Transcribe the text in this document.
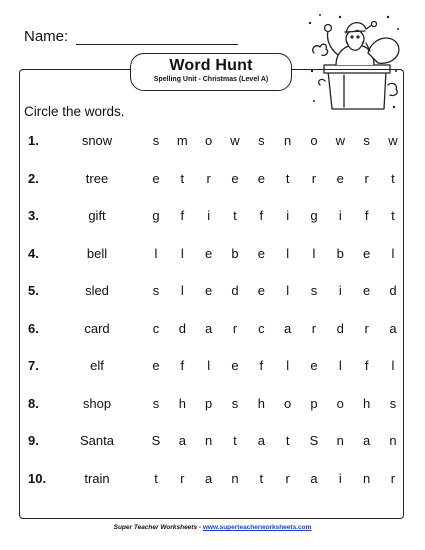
Name:
Word Hunt
Spelling Unit - Christmas (Level A)
Circle the words.
1.	snow	s	m	o	w	s	n	o	w	s	w
2.	tree	e	t	r	e	e	t	r	e	r	t
3.	gift	g	f	i	t	f	i	g	i	f	t
4.	bell	l	l	e	b	e	l	l	b	e	l
5.	sled	s	l	e	d	e	l	s	i	e	d
6.	card	c	d	a	r	c	a	r	d	r	a
7.	elf	e	f	l	e	f	l	e	l	f	l
8.	shop	s	h	p	s	h	o	p	o	h	s
9.	Santa	S	a	n	t	a	t	S	n	a	n
10.	train	t	r	a	n	t	r	a	i	n	r
Super Teacher Worksheets - www.superteacherworksheets.com
